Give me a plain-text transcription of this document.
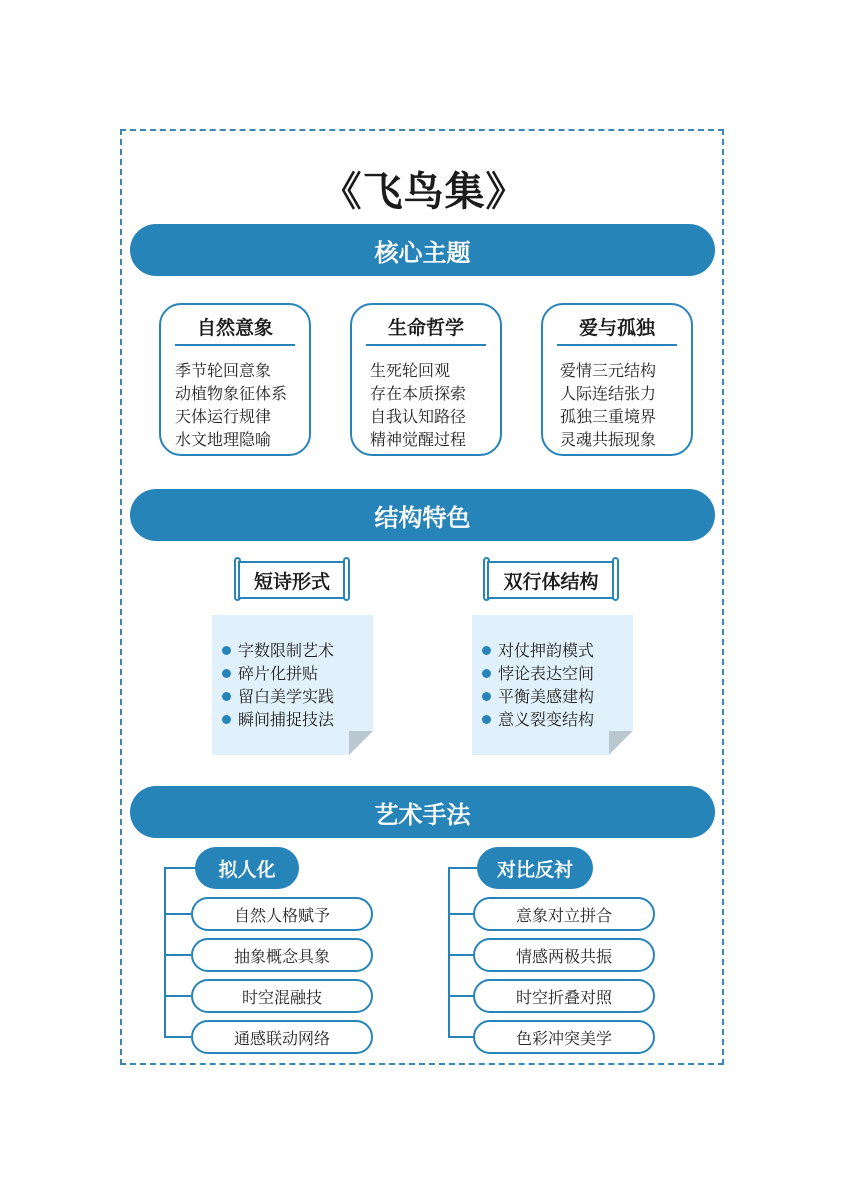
《飞鸟集》
核心主题
自然意象
季节轮回意象
动植物象征体系
天体运行规律
水文地理隐喻
生命哲学
生死轮回观
存在本质探索
自我认知路径
精神觉醒过程
爱与孤独
爱情三元结构
人际连结张力
孤独三重境界
灵魂共振现象
结构特色
短诗形式	双行体结构
字数限制艺术
碎片化拼贴
留白美学实践
瞬间捕捉技法
对仗押韵模式
悖论表达空间
平衡美感建构
意义裂变结构
艺术手法
拟人化
自然人格赋予
抽象概念具象
时空混融技
通感联动网络
对比反衬
意象对立拼合
情感两极共振
时空折叠对照
色彩冲突美学
